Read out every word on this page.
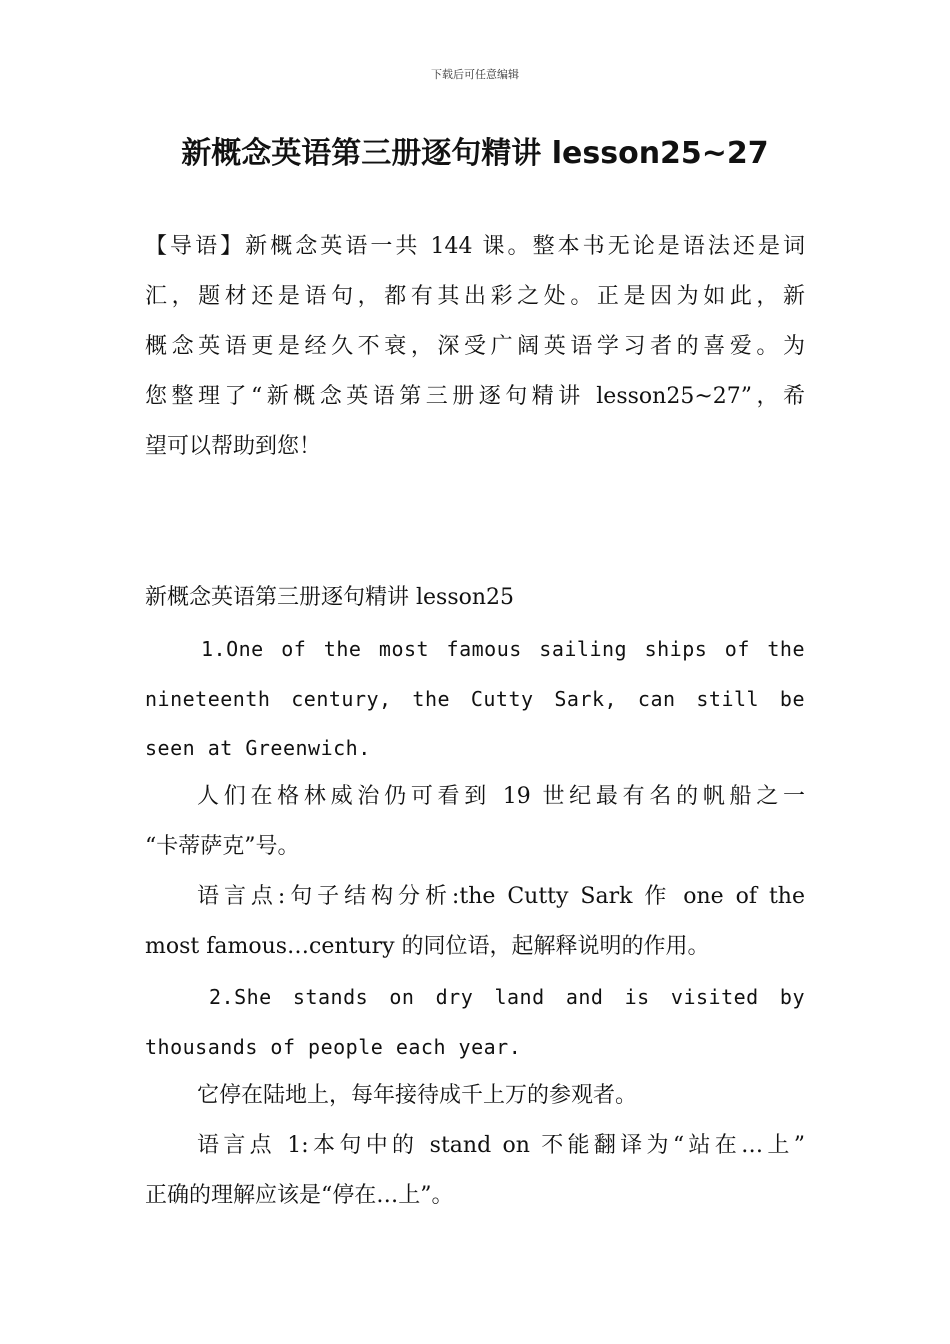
下载后可任意编辑
新概念英语第三册逐句精讲 lesson25~27
【导语】新概念英语一共 144 课。整本书无论是语法还是词
汇，题材还是语句，都有其出彩之处。正是因为如此，新
概念英语更是经久不衰，深受广阔英语学习者的喜爱。为
您整理了“新概念英语第三册逐句精讲 lesson25~27”，希
望可以帮助到您！
新概念英语第三册逐句精讲 lesson25
1.One of the most famous sailing ships of the
nineteenth century, the Cutty Sark, can still be
seen at Greenwich.
人们在格林威治仍可看到 19 世纪最有名的帆船之一
“卡蒂萨克”号。
语言点:句子结构分析:the Cutty Sark 作 one of the
most famous…century 的同位语，起解释说明的作用。
2.She stands on dry land and is visited by
thousands of people each year.
它停在陆地上，每年接待成千上万的参观者。
语言点 1:本句中的 stand on 不能翻译为“站在…上”
正确的理解应该是“停在…上”。
